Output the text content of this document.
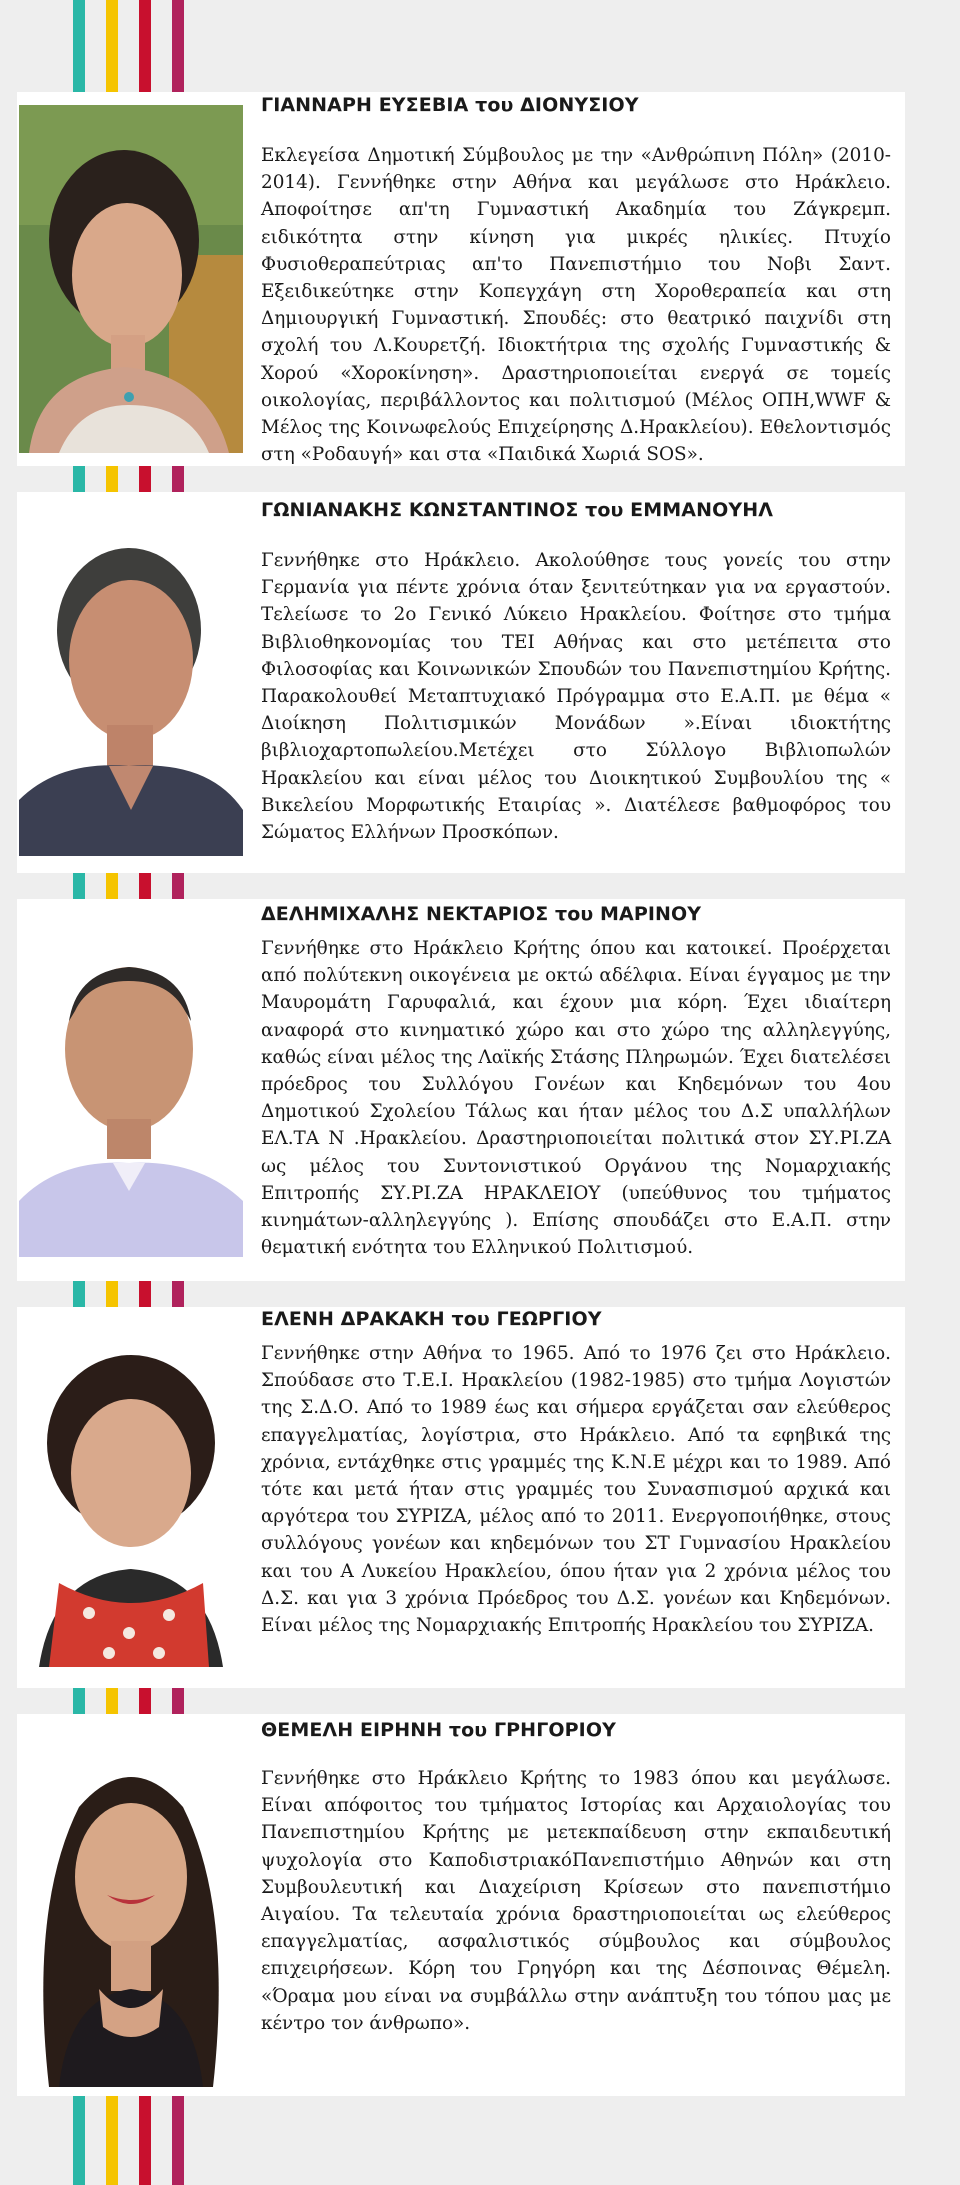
ΓΙΑΝΝΑΡΗ ΕΥΣΕΒΙΑ του ΔΙΟΝΥΣΙΟΥ

Εκλεγείσα Δημοτική Σύμβουλος με την «Ανθρώπινη Πόλη» (2010-2014). Γεννήθηκε στην Αθήνα και μεγάλωσε στο Ηράκλειο. Αποφοίτησε απ'τη Γυμναστική Ακαδημία του Ζάγκρεμπ. ειδικότητα στην κίνηση για μικρές ηλικίες. Πτυχίο Φυσιοθεραπεύτριας απ'το Πανεπιστήμιο του Νοβι Σαντ. Εξειδικεύτηκε στην Κοπεγχάγη στη Χοροθεραπεία και στη Δημιουργική Γυμναστική. Σπουδές: στο θεατρικό παιχνίδι στη σχολή του Λ.Κουρετζή. Ιδιοκτήτρια της σχολής Γυμναστικής & Χορού «Χοροκίνηση». Δραστηριοποιείται ενεργά σε τομείς οικολογίας, περιβάλλοντος και πολιτισμού (Μέλος ΟΠΗ,WWF & Μέλος της Κοινωφελούς Επιχείρησης Δ.Ηρακλείου). Εθελοντισμός στη «Ροδαυγή» και στα «Παιδικά Χωριά SOS».

ΓΩΝΙΑΝΑΚΗΣ ΚΩΝΣΤΑΝΤΙΝΟΣ του ΕΜΜΑΝΟΥΗΛ

Γεννήθηκε στο Ηράκλειο. Ακολούθησε τους γονείς του στην Γερμανία για πέντε χρόνια όταν ξενιτεύτηκαν για να εργαστούν. Τελείωσε το 2ο Γενικό Λύκειο Ηρακλείου. Φοίτησε στο τμήμα Βιβλιοθηκονομίας του ΤΕΙ Αθήνας και στο μετέπειτα στο Φιλοσοφίας και Κοινωνικών Σπουδών του Πανεπιστημίου Κρήτης. Παρακολουθεί Μεταπτυχιακό Πρόγραμμα στο Ε.Α.Π. με θέμα « Διοίκηση Πολιτισμικών Μονάδων ».Είναι ιδιοκτήτης βιβλιοχαρτοπωλείου.Μετέχει στο Σύλλογο Βιβλιοπωλών Ηρακλείου και είναι μέλος του Διοικητικού Συμβουλίου της « Βικελείου Μορφωτικής Εταιρίας ». Διατέλεσε βαθμοφόρος του Σώματος Ελλήνων Προσκόπων.

ΔΕΛΗΜΙΧΑΛΗΣ ΝΕΚΤΑΡΙΟΣ του ΜΑΡΙΝΟΥ

Γεννήθηκε στο Ηράκλειο Κρήτης όπου και κατοικεί. Προέρχεται από πολύτεκνη οικογένεια με οκτώ αδέλφια. Είναι έγγαμος με την Μαυρομάτη Γαρυφαλιά, και έχουν μια κόρη. Έχει ιδιαίτερη αναφορά στο κινηματικό χώρο και στο χώρο της αλληλεγγύης, καθώς είναι μέλος της Λαϊκής Στάσης Πληρωμών. Έχει διατελέσει πρόεδρος του Συλλόγου Γονέων και Κηδεμόνων του 4ου Δημοτικού Σχολείου Τάλως και ήταν μέλος του Δ.Σ υπαλλήλων ΕΛ.ΤΑ Ν .Ηρακλείου. Δραστηριοποιείται πολιτικά στον ΣΥ.ΡΙ.ΖΑ ως μέλος του Συντονιστικού Οργάνου της Νομαρχιακής Επιτροπής ΣΥ.ΡΙ.ΖΑ ΗΡΑΚΛΕΙΟΥ (υπεύθυνος του τμήματος κινημάτων-αλληλεγγύης ). Επίσης σπουδάζει στο Ε.Α.Π. στην θεματική ενότητα του Ελληνικού Πολιτισμού.

ΕΛΕΝΗ ΔΡΑΚΑΚΗ του ΓΕΩΡΓΙΟΥ

Γεννήθηκε στην Αθήνα το 1965. Από το 1976 ζει στο Ηράκλειο. Σπούδασε στο Τ.Ε.Ι. Ηρακλείου (1982-1985) στο τμήμα Λογιστών της Σ.Δ.Ο. Από το 1989 έως και σήμερα εργάζεται σαν ελεύθερος επαγγελματίας, λογίστρια, στο Ηράκλειο. Από τα εφηβικά της χρόνια, εντάχθηκε στις γραμμές της Κ.Ν.Ε μέχρι και το 1989. Από τότε και μετά ήταν στις γραμμές του Συνασπισμού αρχικά και αργότερα του ΣΥΡΙΖΑ, μέλος από το 2011. Ενεργοποιήθηκε, στους συλλόγους γονέων και κηδεμόνων του ΣΤ Γυμνασίου Ηρακλείου και του Α Λυκείου Ηρακλείου, όπου ήταν για 2 χρόνια μέλος του Δ.Σ. και για 3 χρόνια Πρόεδρος του Δ.Σ. γονέων και Κηδεμόνων. Είναι μέλος της Νομαρχιακής Επιτροπής Ηρακλείου του ΣΥΡΙΖΑ.

ΘΕΜΕΛΗ ΕΙΡΗΝΗ του ΓΡΗΓΟΡΙΟΥ

Γεννήθηκε στο Ηράκλειο Κρήτης το 1983 όπου και μεγάλωσε. Είναι απόφοιτος του τμήματος Ιστορίας και Αρχαιολογίας του Πανεπιστημίου Κρήτης με μετεκπαίδευση στην εκπαιδευτική ψυχολογία στο ΚαποδιστριακόΠανεπιστήμιο Αθηνών και στη Συμβουλευτική και Διαχείριση Κρίσεων στο πανεπιστήμιο Αιγαίου. Τα τελευταία χρόνια δραστηριοποιείται ως ελεύθερος επαγγελματίας, ασφαλιστικός σύμβουλος και σύμβουλος επιχειρήσεων. Κόρη του Γρηγόρη και της Δέσποινας Θέμελη. «Όραμα μου είναι να συμβάλλω στην ανάπτυξη του τόπου μας με κέντρο τον άνθρωπο».
